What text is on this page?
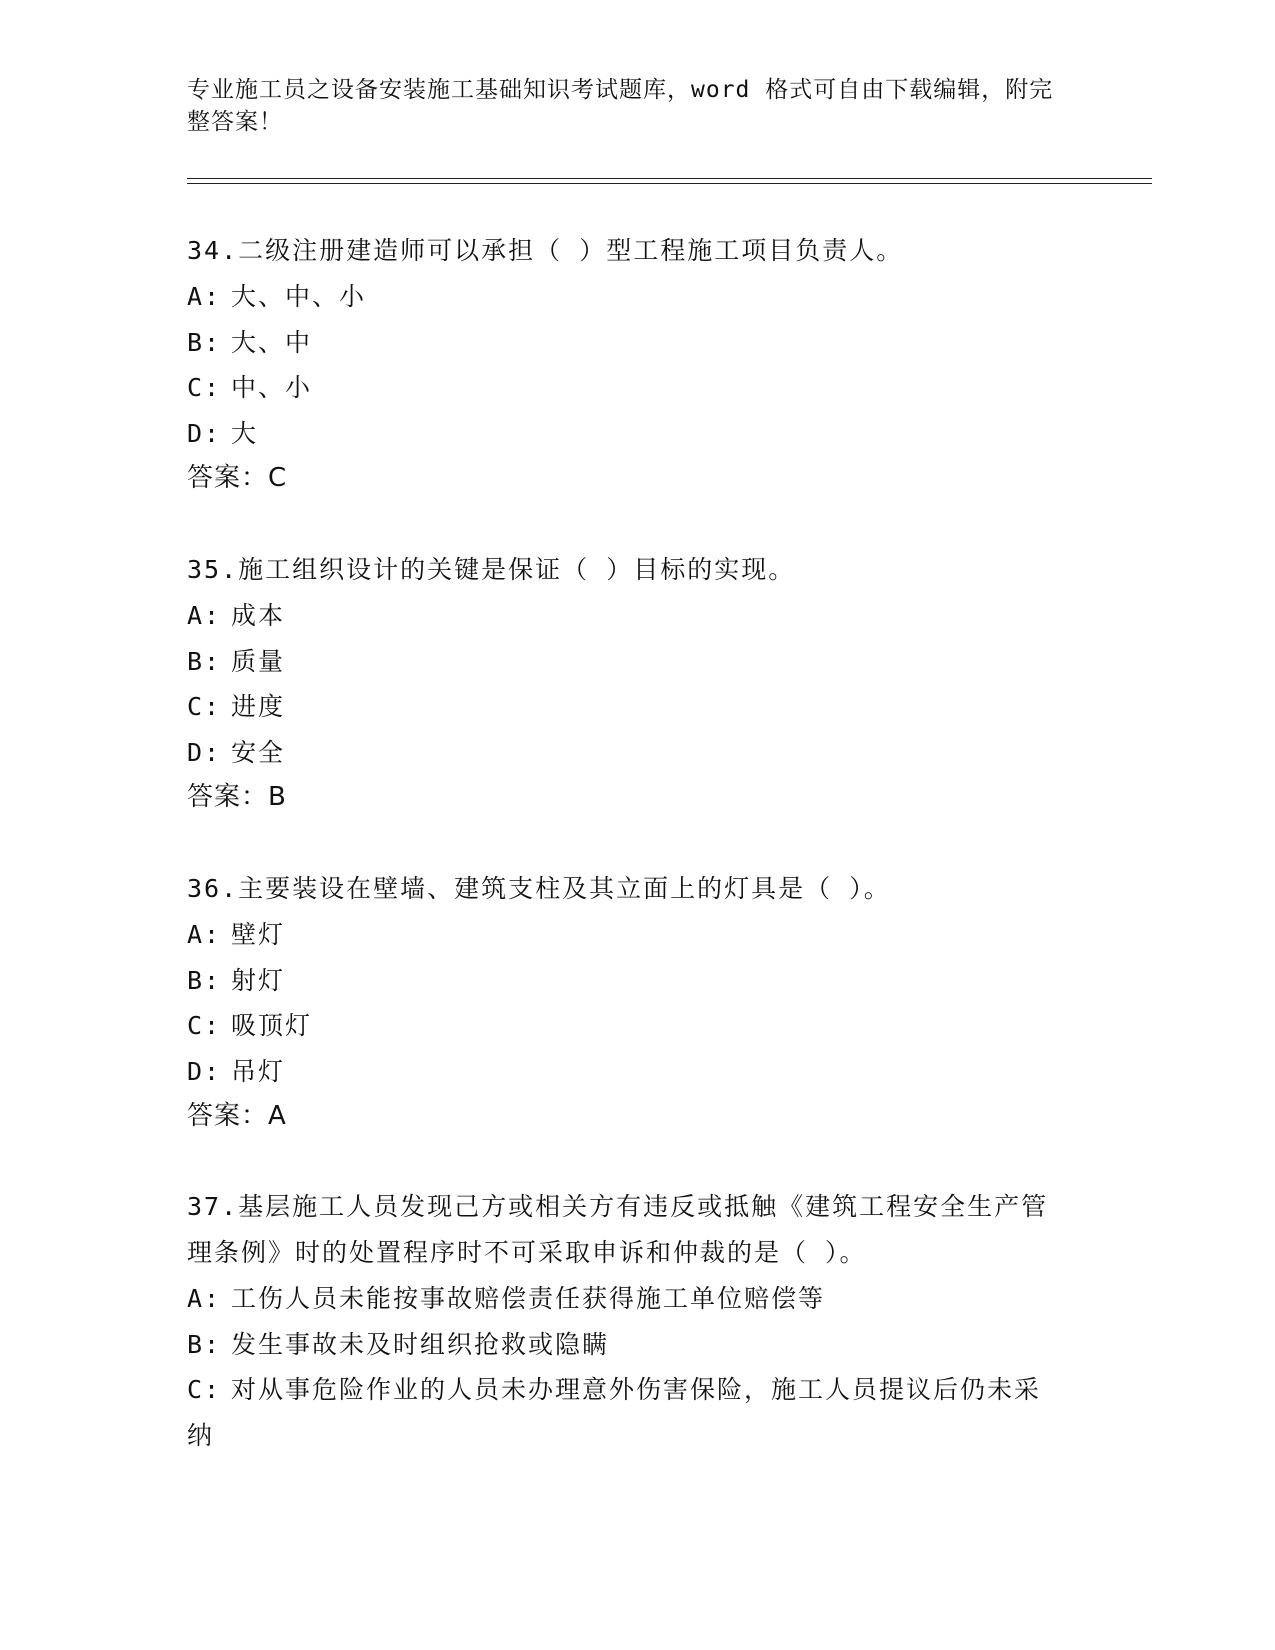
专业施工员之设备安装施工基础知识考试题库，word 格式可自由下载编辑，附完整答案！
34.二级注册建造师可以承担（ ）型工程施工项目负责人。
A: 大、中、小
B: 大、中
C: 中、小
D: 大
答案：C
35.施工组织设计的关键是保证（ ）目标的实现。
A: 成本
B: 质量
C: 进度
D: 安全
答案：B
36.主要装设在壁墙、建筑支柱及其立面上的灯具是（ ）。
A: 壁灯
B: 射灯
C: 吸顶灯
D: 吊灯
答案：A
37.基层施工人员发现己方或相关方有违反或抵触《建筑工程安全生产管理条例》时的处置程序时不可采取申诉和仲裁的是（ ）。
A: 工伤人员未能按事故赔偿责任获得施工单位赔偿等
B: 发生事故未及时组织抢救或隐瞒
C: 对从事危险作业的人员未办理意外伤害保险，施工人员提议后仍未采纳
